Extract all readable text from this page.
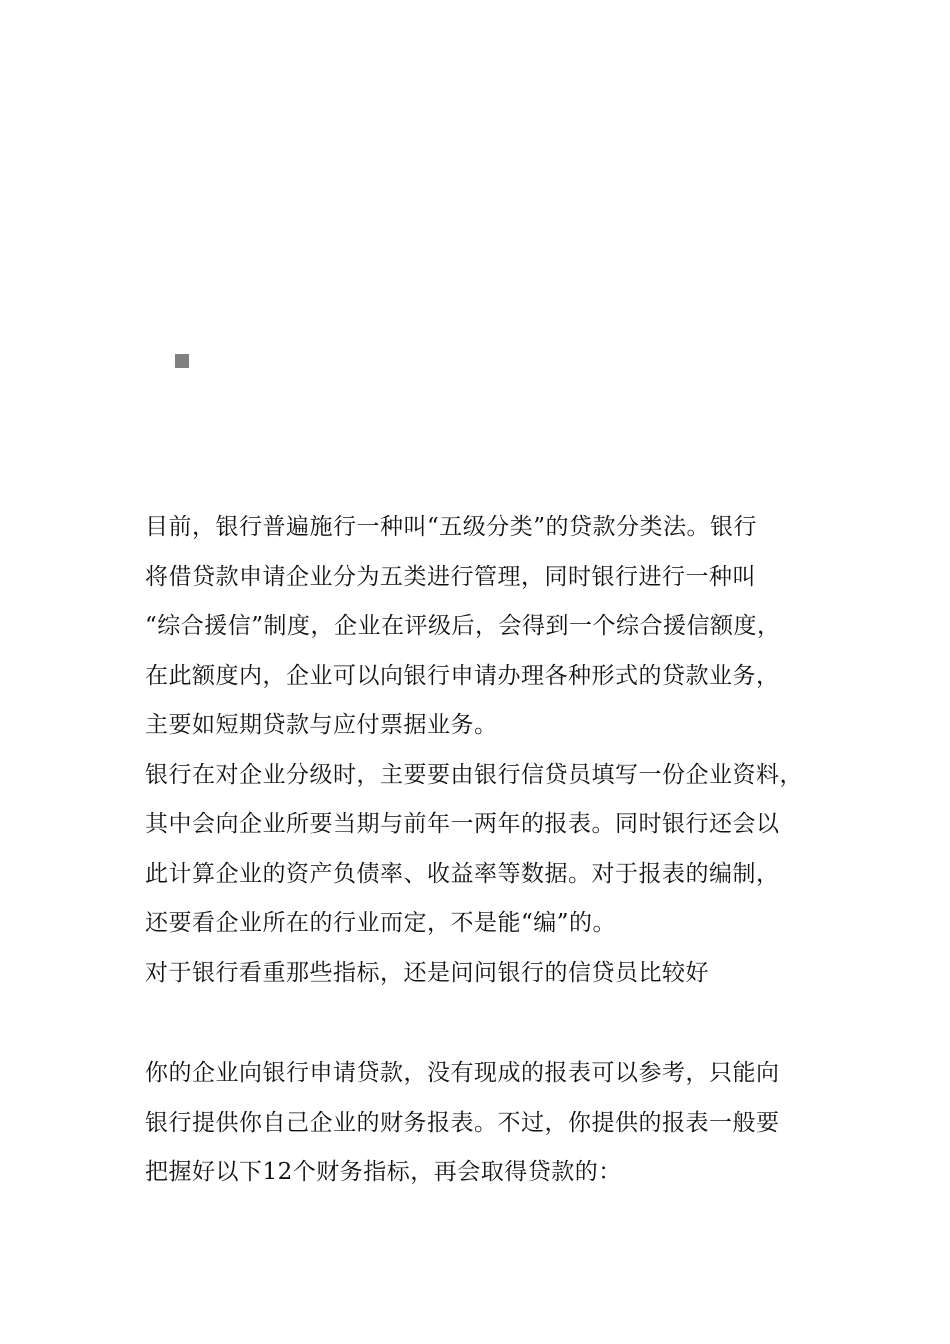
目前，银行普遍施行一种叫“五级分类”的贷款分类法。银行
将借贷款申请企业分为五类进行管理，同时银行进行一种叫
“综合援信”制度，企业在评级后，会得到一个综合援信额度，
在此额度内，企业可以向银行申请办理各种形式的贷款业务，
主要如短期贷款与应付票据业务。
银行在对企业分级时，主要要由银行信贷员填写一份企业资料，
其中会向企业所要当期与前年一两年的报表。同时银行还会以
此计算企业的资产负债率、收益率等数据。对于报表的编制，
还要看企业所在的行业而定，不是能“编”的。
对于银行看重那些指标，还是问问银行的信贷员比较好
你的企业向银行申请贷款，没有现成的报表可以参考，只能向
银行提供你自己企业的财务报表。不过，你提供的报表一般要
把握好以下12个财务指标，再会取得贷款的：
